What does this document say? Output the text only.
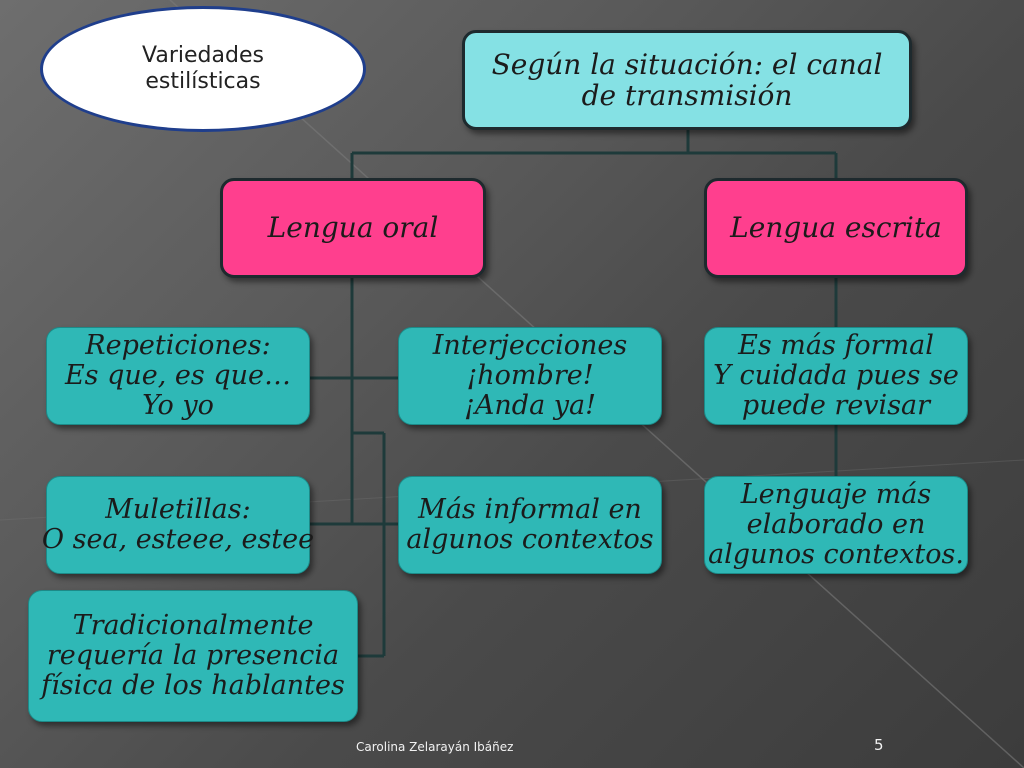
Variedades
estilísticas
Según la situación: el canal
de transmisión
Lengua oral	Lengua escrita
Repeticiones:
Es que, es que…
Yo yo
Interjecciones
¡hombre!
¡Anda ya!
Es más formal
Y cuidada pues se
puede revisar
Muletillas:
O sea, esteee, estee
Más informal en
algunos contextos
Lenguaje más
elaborado en
algunos contextos.
Tradicionalmente
requería la presencia
física de los hablantes
Carolina Zelarayán Ibáñez	5
